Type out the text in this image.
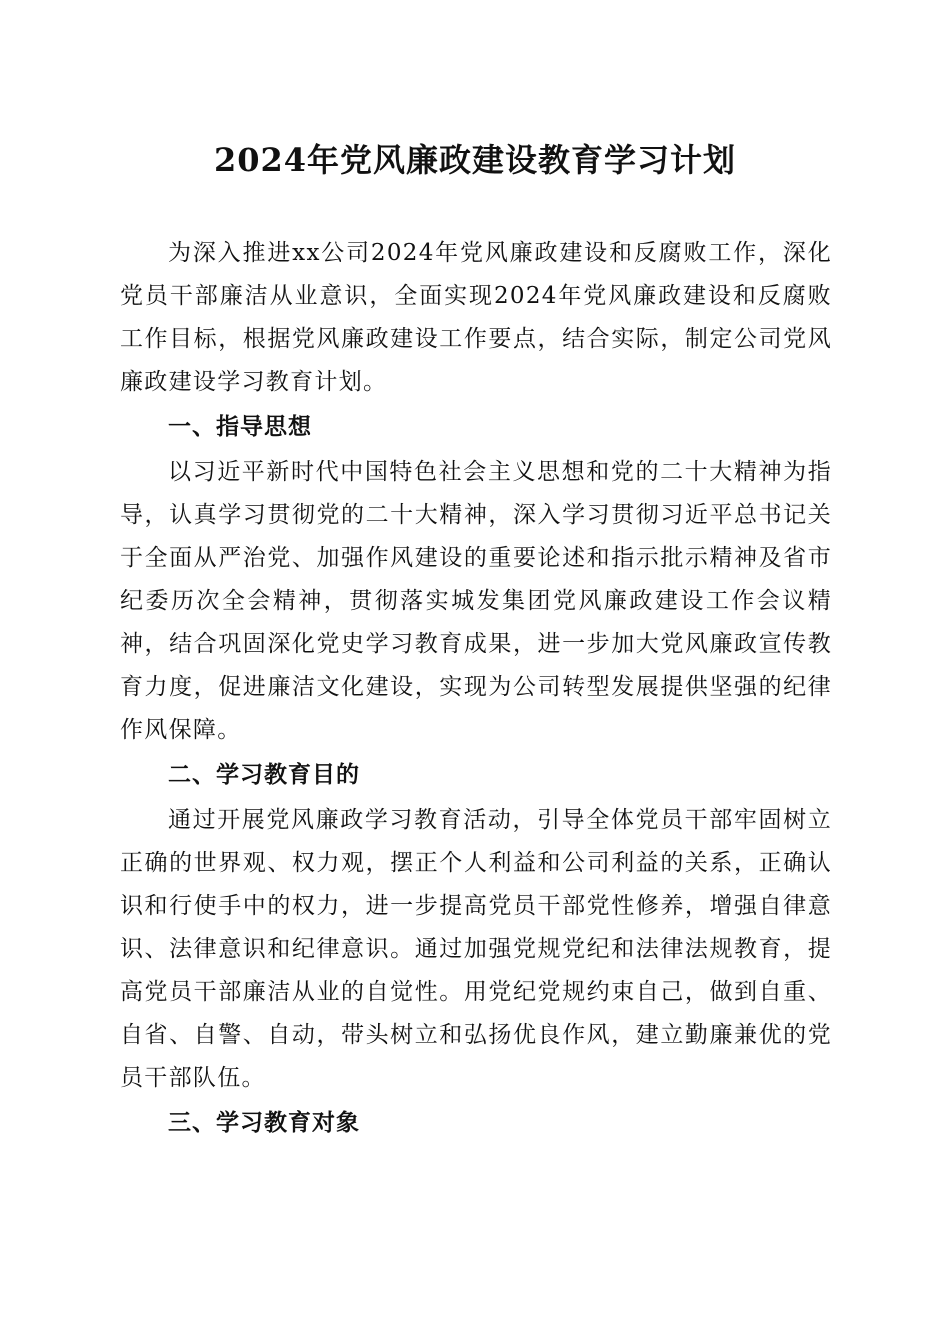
2024年党风廉政建设教育学习计划

为深入推进xx公司2024年党风廉政建设和反腐败工作，深化党员干部廉洁从业意识，全面实现2024年党风廉政建设和反腐败工作目标，根据党风廉政建设工作要点，结合实际，制定公司党风廉政建设学习教育计划。

一、指导思想

以习近平新时代中国特色社会主义思想和党的二十大精神为指导，认真学习贯彻党的二十大精神，深入学习贯彻习近平总书记关于全面从严治党、加强作风建设的重要论述和指示批示精神及省市纪委历次全会精神，贯彻落实城发集团党风廉政建设工作会议精神，结合巩固深化党史学习教育成果，进一步加大党风廉政宣传教育力度，促进廉洁文化建设，实现为公司转型发展提供坚强的纪律作风保障。

二、学习教育目的

通过开展党风廉政学习教育活动，引导全体党员干部牢固树立正确的世界观、权力观，摆正个人利益和公司利益的关系，正确认识和行使手中的权力，进一步提高党员干部党性修养，增强自律意识、法律意识和纪律意识。通过加强党规党纪和法律法规教育，提高党员干部廉洁从业的自觉性。用党纪党规约束自己，做到自重、自省、自警、自动，带头树立和弘扬优良作风，建立勤廉兼优的党员干部队伍。

三、学习教育对象
